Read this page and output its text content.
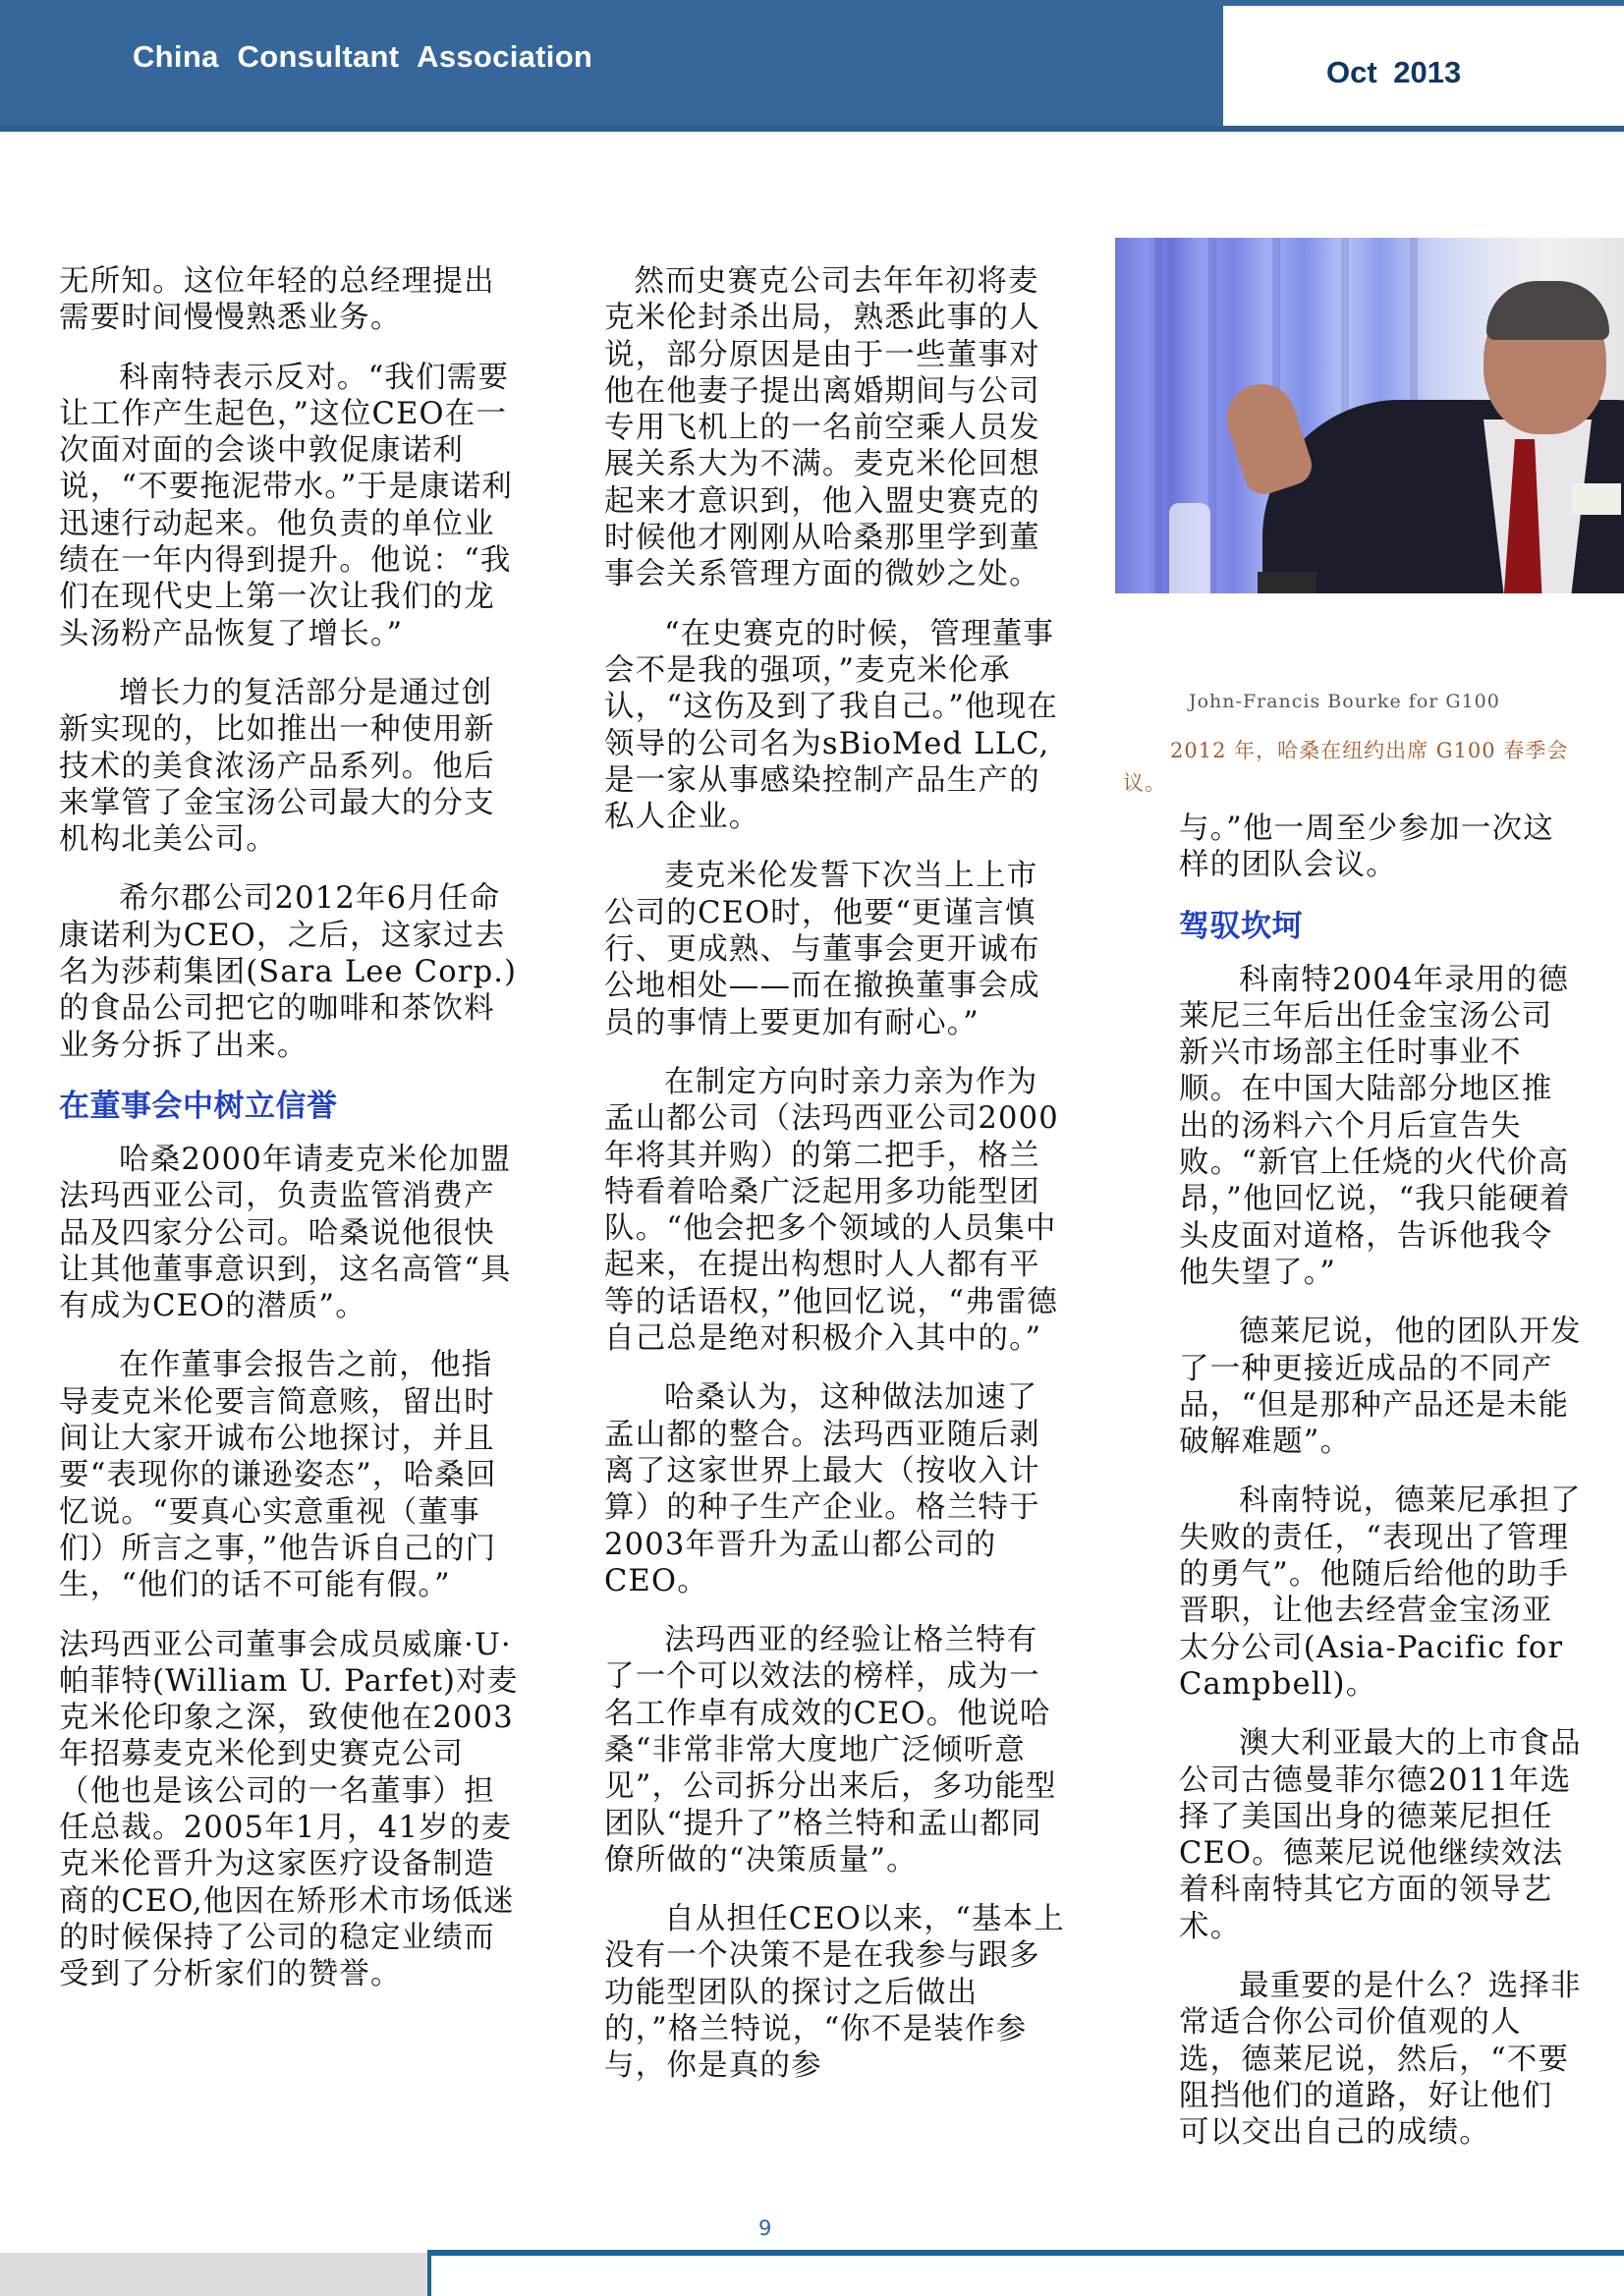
China Consultant Association	Oct 2013

无所知。这位年轻的总经理提出需要时间慢慢熟悉业务。

科南特表示反对。“我们需要让工作产生起色，”这位CEO在一次面对面的会谈中敦促康诺利说，“不要拖泥带水。”于是康诺利迅速行动起来。他负责的单位业绩在一年内得到提升。他说：“我们在现代史上第一次让我们的龙头汤粉产品恢复了增长。”

增长力的复活部分是通过创新实现的，比如推出一种使用新技术的美食浓汤产品系列。他后来掌管了金宝汤公司最大的分支机构北美公司。

希尔郡公司2012年6月任命康诺利为CEO，之后，这家过去名为莎莉集团(Sara Lee Corp.)的食品公司把它的咖啡和茶饮料业务分拆了出来。

在董事会中树立信誉

哈桑2000年请麦克米伦加盟法玛西亚公司，负责监管消费产品及四家分公司。哈桑说他很快让其他董事意识到，这名高管“具有成为CEO的潜质”。

在作董事会报告之前，他指导麦克米伦要言简意赅，留出时间让大家开诚布公地探讨，并且要“表现你的谦逊姿态”，哈桑回忆说。“要真心实意重视（董事们）所言之事，”他告诉自己的门生，“他们的话不可能有假。”

法玛西亚公司董事会成员威廉·U·帕菲特(William U. Parfet)对麦克米伦印象之深，致使他在2003年招募麦克米伦到史赛克公司（他也是该公司的一名董事）担任总裁。2005年1月，41岁的麦克米伦晋升为这家医疗设备制造商的CEO,他因在矫形术市场低迷的时候保持了公司的稳定业绩而受到了分析家们的赞誉。

然而史赛克公司去年年初将麦克米伦封杀出局，熟悉此事的人说，部分原因是由于一些董事对他在他妻子提出离婚期间与公司专用飞机上的一名前空乘人员发展关系大为不满。麦克米伦回想起来才意识到，他入盟史赛克的时候他才刚刚从哈桑那里学到董事会关系管理方面的微妙之处。

“在史赛克的时候，管理董事会不是我的强项，”麦克米伦承认，“这伤及到了我自己。”他现在领导的公司名为sBioMed LLC,是一家从事感染控制产品生产的私人企业。

麦克米伦发誓下次当上上市公司的CEO时，他要“更谨言慎行、更成熟、与董事会更开诚布公地相处——而在撤换董事会成员的事情上要更加有耐心。”

在制定方向时亲力亲为作为孟山都公司（法玛西亚公司2000年将其并购）的第二把手，格兰特看着哈桑广泛起用多功能型团队。“他会把多个领域的人员集中起来，在提出构想时人人都有平等的话语权，”他回忆说，“弗雷德自己总是绝对积极介入其中的。”

哈桑认为，这种做法加速了孟山都的整合。法玛西亚随后剥离了这家世界上最大（按收入计算）的种子生产企业。格兰特于2003年晋升为孟山都公司的CEO。

法玛西亚的经验让格兰特有了一个可以效法的榜样，成为一名工作卓有成效的CEO。他说哈桑“非常非常大度地广泛倾听意见”，公司拆分出来后，多功能型团队“提升了”格兰特和孟山都同僚所做的“决策质量”。

自从担任CEO以来，“基本上没有一个决策不是在我参与跟多功能型团队的探讨之后做出的，”格兰特说，“你不是装作参与，你是真的参

John-Francis Bourke for G100
2012 年，哈桑在纽约出席 G100 春季会议。

与。”他一周至少参加一次这样的团队会议。

驾驭坎坷

科南特2004年录用的德莱尼三年后出任金宝汤公司新兴市场部主任时事业不顺。在中国大陆部分地区推出的汤料六个月后宣告失败。“新官上任烧的火代价高昂，”他回忆说，“我只能硬着头皮面对道格，告诉他我令他失望了。”

德莱尼说，他的团队开发了一种更接近成品的不同产品，“但是那种产品还是未能破解难题”。

科南特说，德莱尼承担了失败的责任，“表现出了管理的勇气”。他随后给他的助手晋职，让他去经营金宝汤亚太分公司(Asia-Pacific for Campbell)。

澳大利亚最大的上市食品公司古德曼菲尔德2011年选择了美国出身的德莱尼担任CEO。德莱尼说他继续效法着科南特其它方面的领导艺术。

最重要的是什么？选择非常适合你公司价值观的人选，德莱尼说，然后，“不要阻挡他们的道路，好让他们可以交出自己的成绩。

9
